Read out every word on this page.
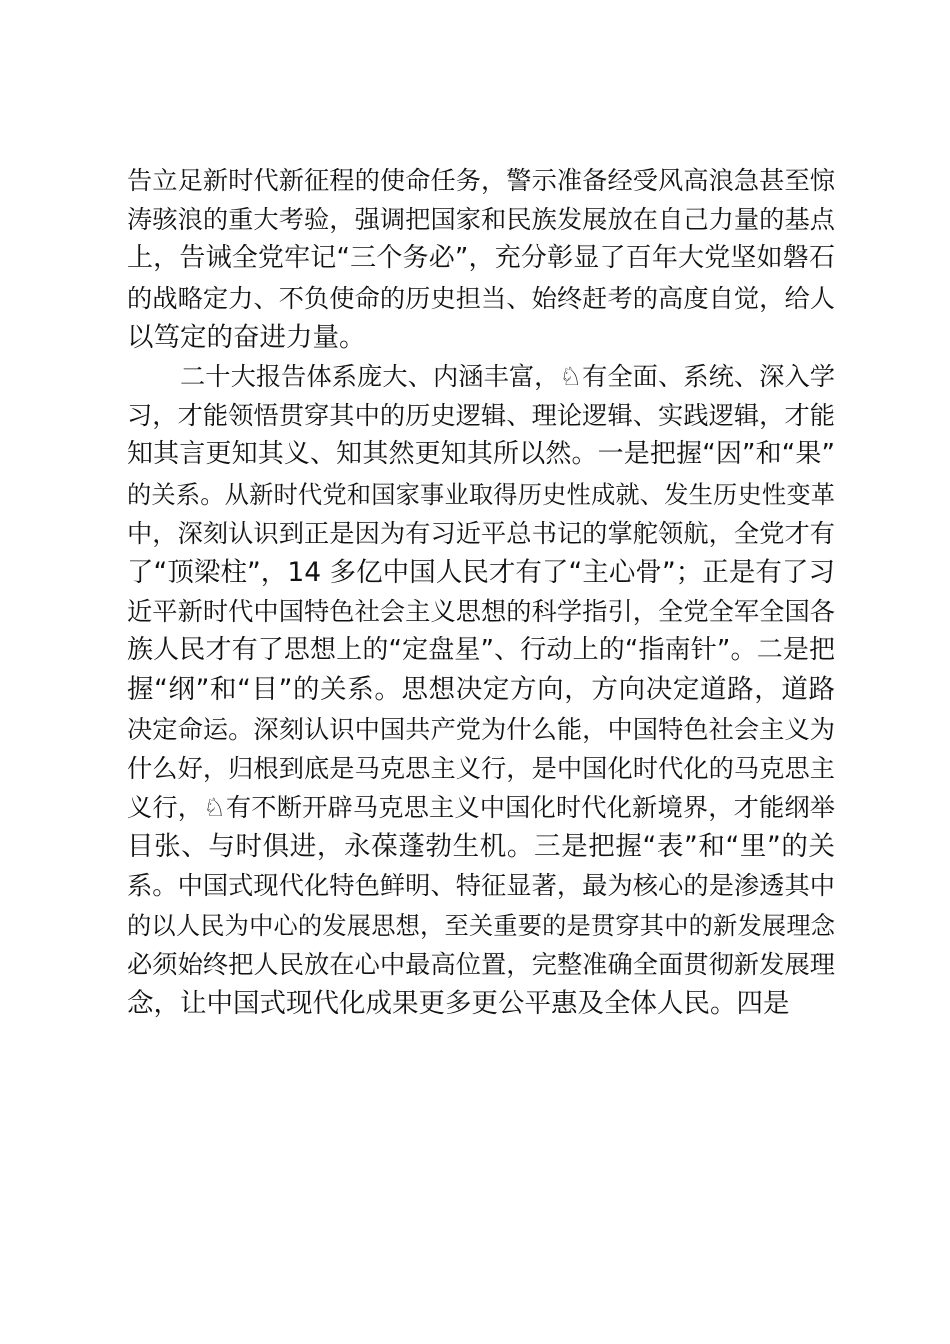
告立足新时代新征程的使命任务，警示准备经受风高浪急甚至惊
涛骇浪的重大考验，强调把国家和民族发展放在自己力量的基点
上，告诫全党牢记“三个务必”，充分彰显了百年大党坚如磐石
的战略定力、不负使命的历史担当、始终赶考的高度自觉，给人
以笃定的奋进力量。
二十大报告体系庞大、内涵丰富，♘有全面、系统、深入学
习，才能领悟贯穿其中的历史逻辑、理论逻辑、实践逻辑，才能
知其言更知其义、知其然更知其所以然。一是把握“因”和“果”
的关系。从新时代党和国家事业取得历史性成就、发生历史性变革
中，深刻认识到正是因为有习近平总书记的掌舵领航，全党才有
了“顶梁柱”，14 多亿中国人民才有了“主心骨”；正是有了习
近平新时代中国特色社会主义思想的科学指引，全党全军全国各
族人民才有了思想上的“定盘星”、行动上的“指南针”。二是把
握“纲”和“目”的关系。思想决定方向，方向决定道路，道路
决定命运。深刻认识中国共产党为什么能，中国特色社会主义为
什么好，归根到底是马克思主义行，是中国化时代化的马克思主
义行，♘有不断开辟马克思主义中国化时代化新境界，才能纲举
目张、与时俱进，永葆蓬勃生机。三是把握“表”和“里”的关
系。中国式现代化特色鲜明、特征显著，最为核心的是渗透其中
的以人民为中心的发展思想，至关重要的是贯穿其中的新发展理念
必须始终把人民放在心中最高位置，完整准确全面贯彻新发展理
念，让中国式现代化成果更多更公平惠及全体人民。四是
